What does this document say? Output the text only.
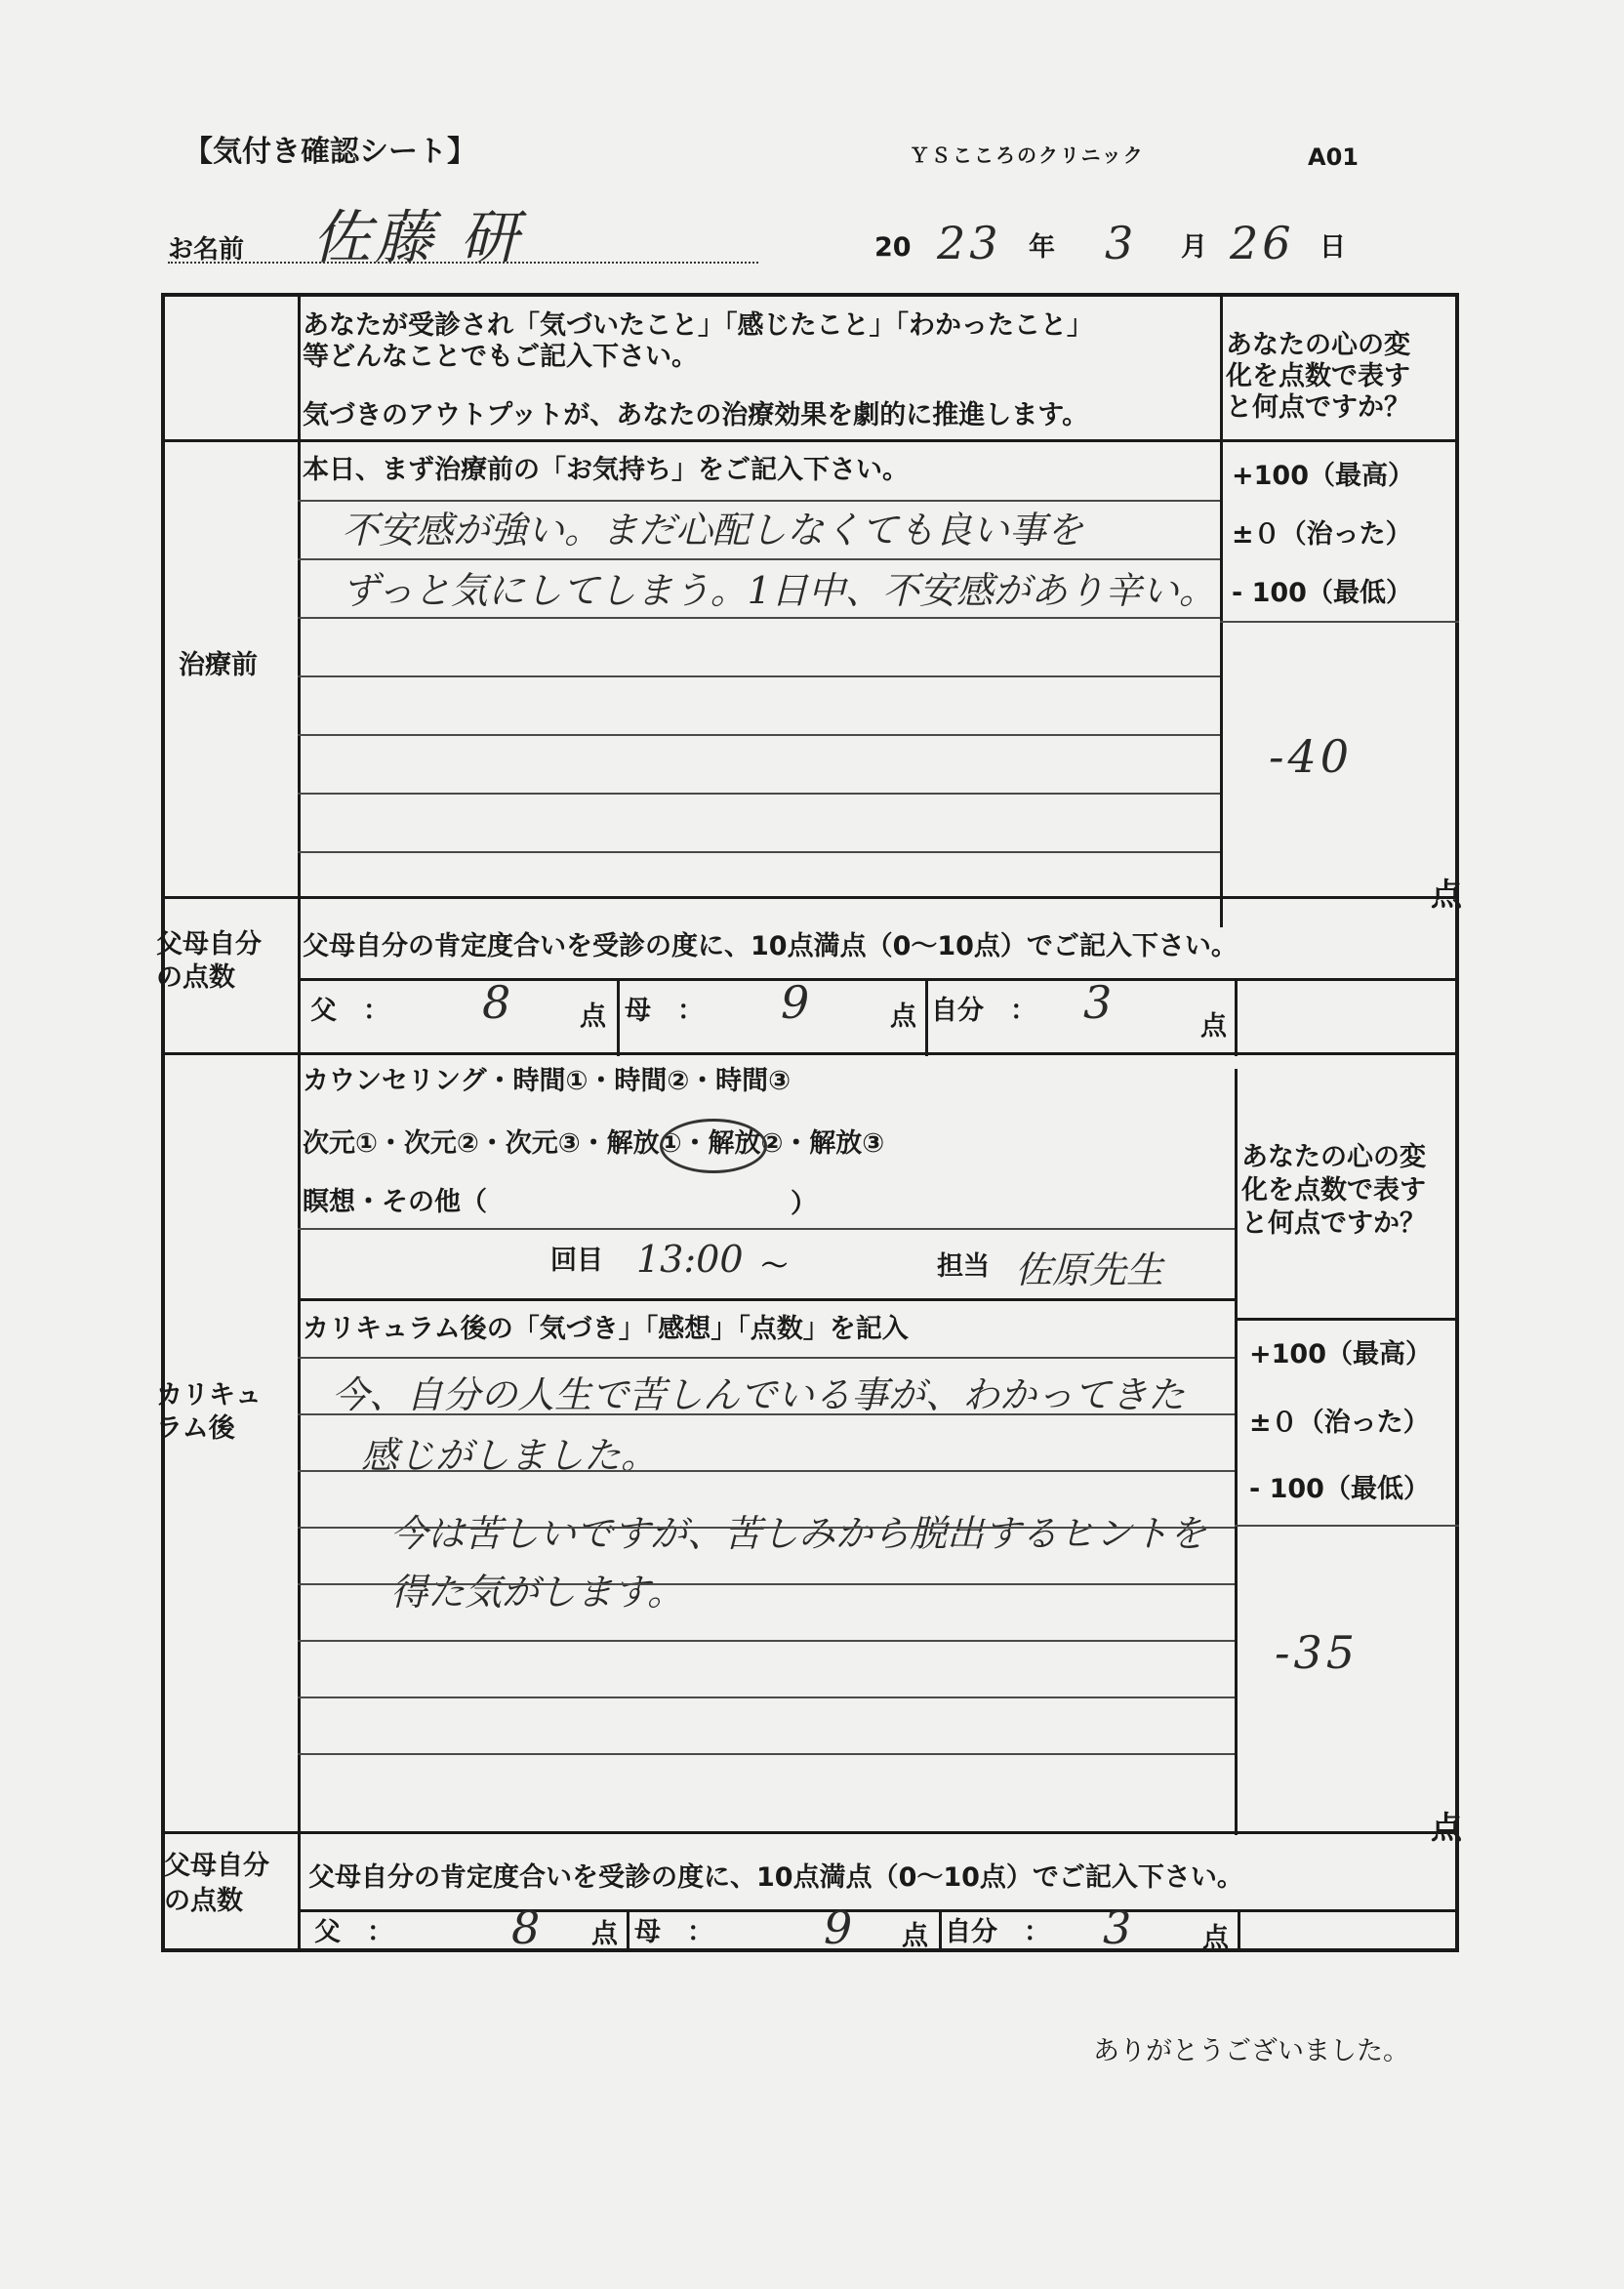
【気付き確認シート】	ＹＳこころのクリニック	A01
お名前 佐藤 研	20 23 年 3 月 26 日
あなたが受診され「気づいたこと」「感じたこと」「わかったこと」
等どんなことでもご記入下さい。
気づきのアウトプットが、あなたの治療効果を劇的に推進します。
あなたの心の変
化を点数で表す
と何点ですか？
治療前
本日、まず治療前の「お気持ち」をご記入下さい。
不安感が強い。まだ心配しなくても良い事を
ずっと気にしてしまう。1日中、不安感があり辛い。
+100（最高）
±０（治った）
- 100（最低）
-40
点
父母自分
の点数
父母自分の肯定度合いを受診の度に、10点満点（0〜10点）でご記入下さい。
父　： 8 点 母　： 9	点 自分　： 3	点
カリキュ
ラム後
カウンセリング・時間①・時間②・時間③
次元①・次元②・次元③・解放①・解放②・解放③
瞑想・その他（	）
回目 13:00 〜	担当 佐原先生
あなたの心の変
化を点数で表す
と何点ですか？
カリキュラム後の「気づき」「感想」「点数」を記入
今、自分の人生で苦しんでいる事が、わかってきた
感じがしました。
今は苦しいですが、苦しみから脱出するヒントを
得た気がします。
+100（最高）
±０（治った）
- 100（最低）
-35
点
父母自分
の点数
父母自分の肯定度合いを受診の度に、10点満点（0〜10点）でご記入下さい。
父　：	8 点 母　： 9 点 自分　： 3	点
ありがとうございました。
